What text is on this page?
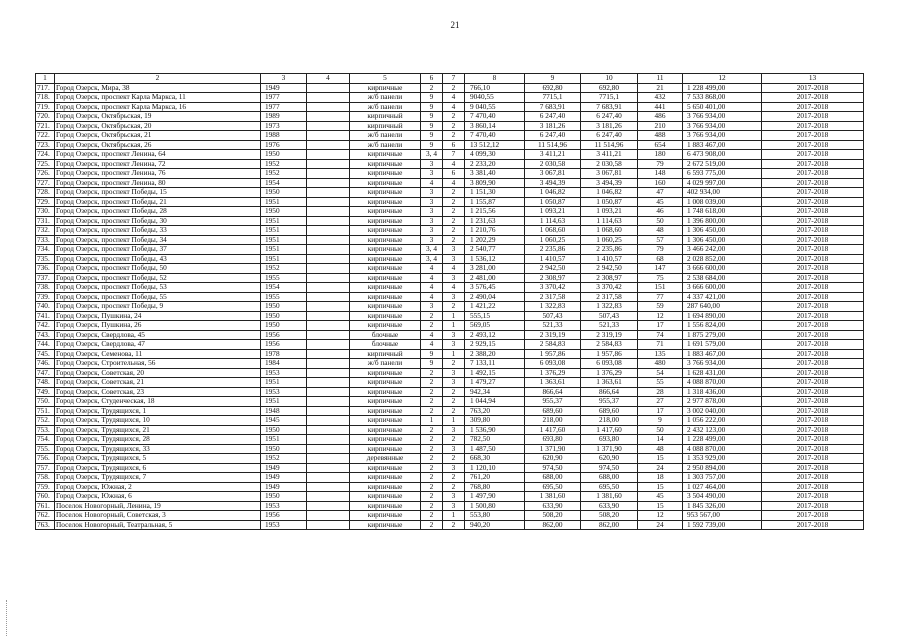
21
1	2	3	4	5	6	7	8	9	10	11	12	13
717.	Город Озерск, Мира, 38	1949		кирпичные	2	2	766,10	692,80	692,80	21	1 228 499,00	2017-2018
718.	Город Озерск, проспект Карла Маркса, 11	1977		ж/б панели	9	4	9040,55	7715,1	7715,1	432	7 533 868,00	2017-2018
719.	Город Озерск, проспект Карла Маркса, 16	1977		ж/б панели	9	4	9 040,55	7 683,91	7 683,91	441	5 650 401,00	2017-2018
720.	Город Озерск, Октябрьская, 19	1989		кирпичный	9	2	7 470,40	6 247,40	6 247,40	486	3 766 934,00	2017-2018
721.	Город Озерск, Октябрьская, 20	1973		кирпичный	9	2	3 860,14	3 181,26	3 181,26	210	3 766 934,00	2017-2018
722.	Город Озерск, Октябрьская, 21	1988		ж/б панели	9	2	7 470,40	6 247,40	6 247,40	488	3 766 934,00	2017-2018
723.	Город Озерск, Октябрьская, 26	1976		ж/б панели	9	6	13 512,12	11 514,96	11 514,96	654	1 883 467,00	2017-2018
724.	Город Озерск, проспект Ленина, 64	1950		кирпичные	3, 4	7	4 099,30	3 411,21	3 411,21	180	6 473 908,00	2017-2018
725.	Город Озерск, проспект Ленина, 72	1952		кирпичные	3	4	2 233,20	2 030,58	2 030,58	79	2 672 519,00	2017-2018
726.	Город Озерск, проспект Ленина, 76	1952		кирпичные	3	6	3 381,40	3 067,81	3 067,81	148	6 593 775,00	2017-2018
727.	Город Озерск, проспект Ленина, 80	1954		кирпичные	4	4	3 809,90	3 494,39	3 494,39	160	4 029 997,00	2017-2018
728.	Город Озерск, проспект Победы, 15	1950		кирпичные	3	2	1 151,30	1 046,82	1 046,82	47	402 934,00	2017-2018
729.	Город Озерск, проспект Победы, 21	1951		кирпичные	3	2	1 155,87	1 050,87	1 050,87	45	1 008 039,00	2017-2018
730.	Город Озерск, проспект Победы, 28	1950		кирпичные	3	2	1 215,56	1 093,21	1 093,21	46	1 748 618,00	2017-2018
731.	Город Озерск, проспект Победы, 30	1951		кирпичные	3	2	1 231,63	1 114,63	1 114,63	50	1 396 800,00	2017-2018
732.	Город Озерск, проспект Победы, 33	1951		кирпичные	3	2	1 210,76	1 068,60	1 068,60	48	1 306 450,00	2017-2018
733.	Город Озерск, проспект Победы, 34	1951		кирпичные	3	2	1 202,29	1 060,25	1 060,25	57	1 306 450,00	2017-2018
734.	Город Озерск, проспект Победы, 37	1951		кирпичные	3, 4	3	2 540,77	2 235,86	2 235,86	79	3 466 242,00	2017-2018
735.	Город Озерск, проспект Победы, 43	1951		кирпичные	3, 4	3	1 536,12	1 410,57	1 410,57	68	2 028 852,00	2017-2018
736.	Город Озерск, проспект Победы, 50	1952		кирпичные	4	4	3 281,00	2 942,50	2 942,50	147	3 666 600,00	2017-2018
737.	Город Озерск, проспект Победы, 52	1955		кирпичные	4	3	2 481,00	2 308,97	2 308,97	75	2 538 684,00	2017-2018
738.	Город Озерск, проспект Победы, 53	1954		кирпичные	4	4	3 576,45	3 370,42	3 370,42	151	3 666 600,00	2017-2018
739.	Город Озерск, проспект Победы, 55	1955		кирпичные	4	3	2 490,04	2 317,58	2 317,58	77	4 337 421,00	2017-2018
740.	Город Озерск, проспект Победы, 9	1950		кирпичные	3	2	1 421,22	1 322,83	1 322,83	59	287 640,00	2017-2018
741.	Город Озерск, Пушкина, 24	1950		кирпичные	2	1	555,15	507,43	507,43	12	1 694 890,00	2017-2018
742.	Город Озерск, Пушкина, 26	1950		кирпичные	2	1	569,05	521,33	521,33	17	1 556 824,00	2017-2018
743.	Город Озерск, Свердлова, 45	1956		блочные	4	3	2 493,12	2 319,19	2 319,19	74	1 875 279,00	2017-2018
744.	Город Озерск, Свердлова, 47	1956		блочные	4	3	2 929,15	2 584,83	2 584,83	71	1 691 579,00	2017-2018
745.	Город Озерск, Семенова, 11	1978		кирпичный	9	1	2 388,20	1 957,86	1 957,86	135	1 883 467,00	2017-2018
746.	Город Озерск, Строительная, 56	1984		ж/б панели	9	2	7 133,11	6 093,08	6 093,08	480	3 766 934,00	2017-2018
747.	Город Озерск, Советская, 20	1953		кирпичные	2	3	1 492,15	1 376,29	1 376,29	54	1 628 431,00	2017-2018
748.	Город Озерск, Советская, 21	1951		кирпичные	2	3	1 479,27	1 363,61	1 363,61	55	4 088 870,00	2017-2018
749.	Город Озерск, Советская, 23	1953		кирпичные	2	2	942,34	866,64	866,64	28	1 318 436,00	2017-2018
750.	Город Озерск, Студенческая, 18	1951		кирпичные	2	2	1 044,94	955,37	955,37	27	2 977 878,00	2017-2018
751.	Город Озерск, Трудящихся, 1	1948		кирпичные	2	2	763,20	689,60	689,60	17	3 002 040,00	2017-2018
752.	Город Озерск, Трудящихся, 10	1945		кирпичные	1	1	309,80	218,00	218,00	9	1 056 222,00	2017-2018
753.	Город Озерск, Трудящихся, 21	1950		кирпичные	2	3	1 536,90	1 417,60	1 417,60	50	2 432 123,00	2017-2018
754.	Город Озерск, Трудящихся, 28	1951		кирпичные	2	2	782,50	693,80	693,80	14	1 228 499,00	2017-2018
755.	Город Озерск, Трудящихся, 33	1950		кирпичные	2	3	1 487,50	1 371,90	1 371,90	48	4 088 870,00	2017-2018
756.	Город Озерск, Трудящихся, 5	1952		деревянные	2	2	668,30	620,90	620,90	15	1 353 929,00	2017-2018
757.	Город Озерск, Трудящихся, 6	1949		кирпичные	2	3	1 120,10	974,50	974,50	24	2 950 894,00	2017-2018
758.	Город Озерск, Трудящихся, 7	1949		кирпичные	2	2	761,20	688,00	688,00	18	1 303 757,00	2017-2018
759.	Город Озерск, Южная, 2	1949		кирпичные	2	2	768,80	695,50	695,50	15	1 027 464,00	2017-2018
760.	Город Озерск, Южная, 6	1950		кирпичные	2	3	1 497,90	1 381,60	1 381,60	45	3 504 490,00	2017-2018
761.	Поселок Новогорный, Ленина, 19	1953		кирпичные	2	3	1 500,80	633,90	633,90	15	1 845 326,00	2017-2018
762.	Поселок Новогорный, Советская, 3	1956		кирпичные	2	1	553,80	508,20	508,20	12	953 567,00	2017-2018
763.	Поселок Новогорный, Театральная, 5	1953		кирпичные	2	2	940,20	862,00	862,00	24	1 592 739,00	2017-2018
